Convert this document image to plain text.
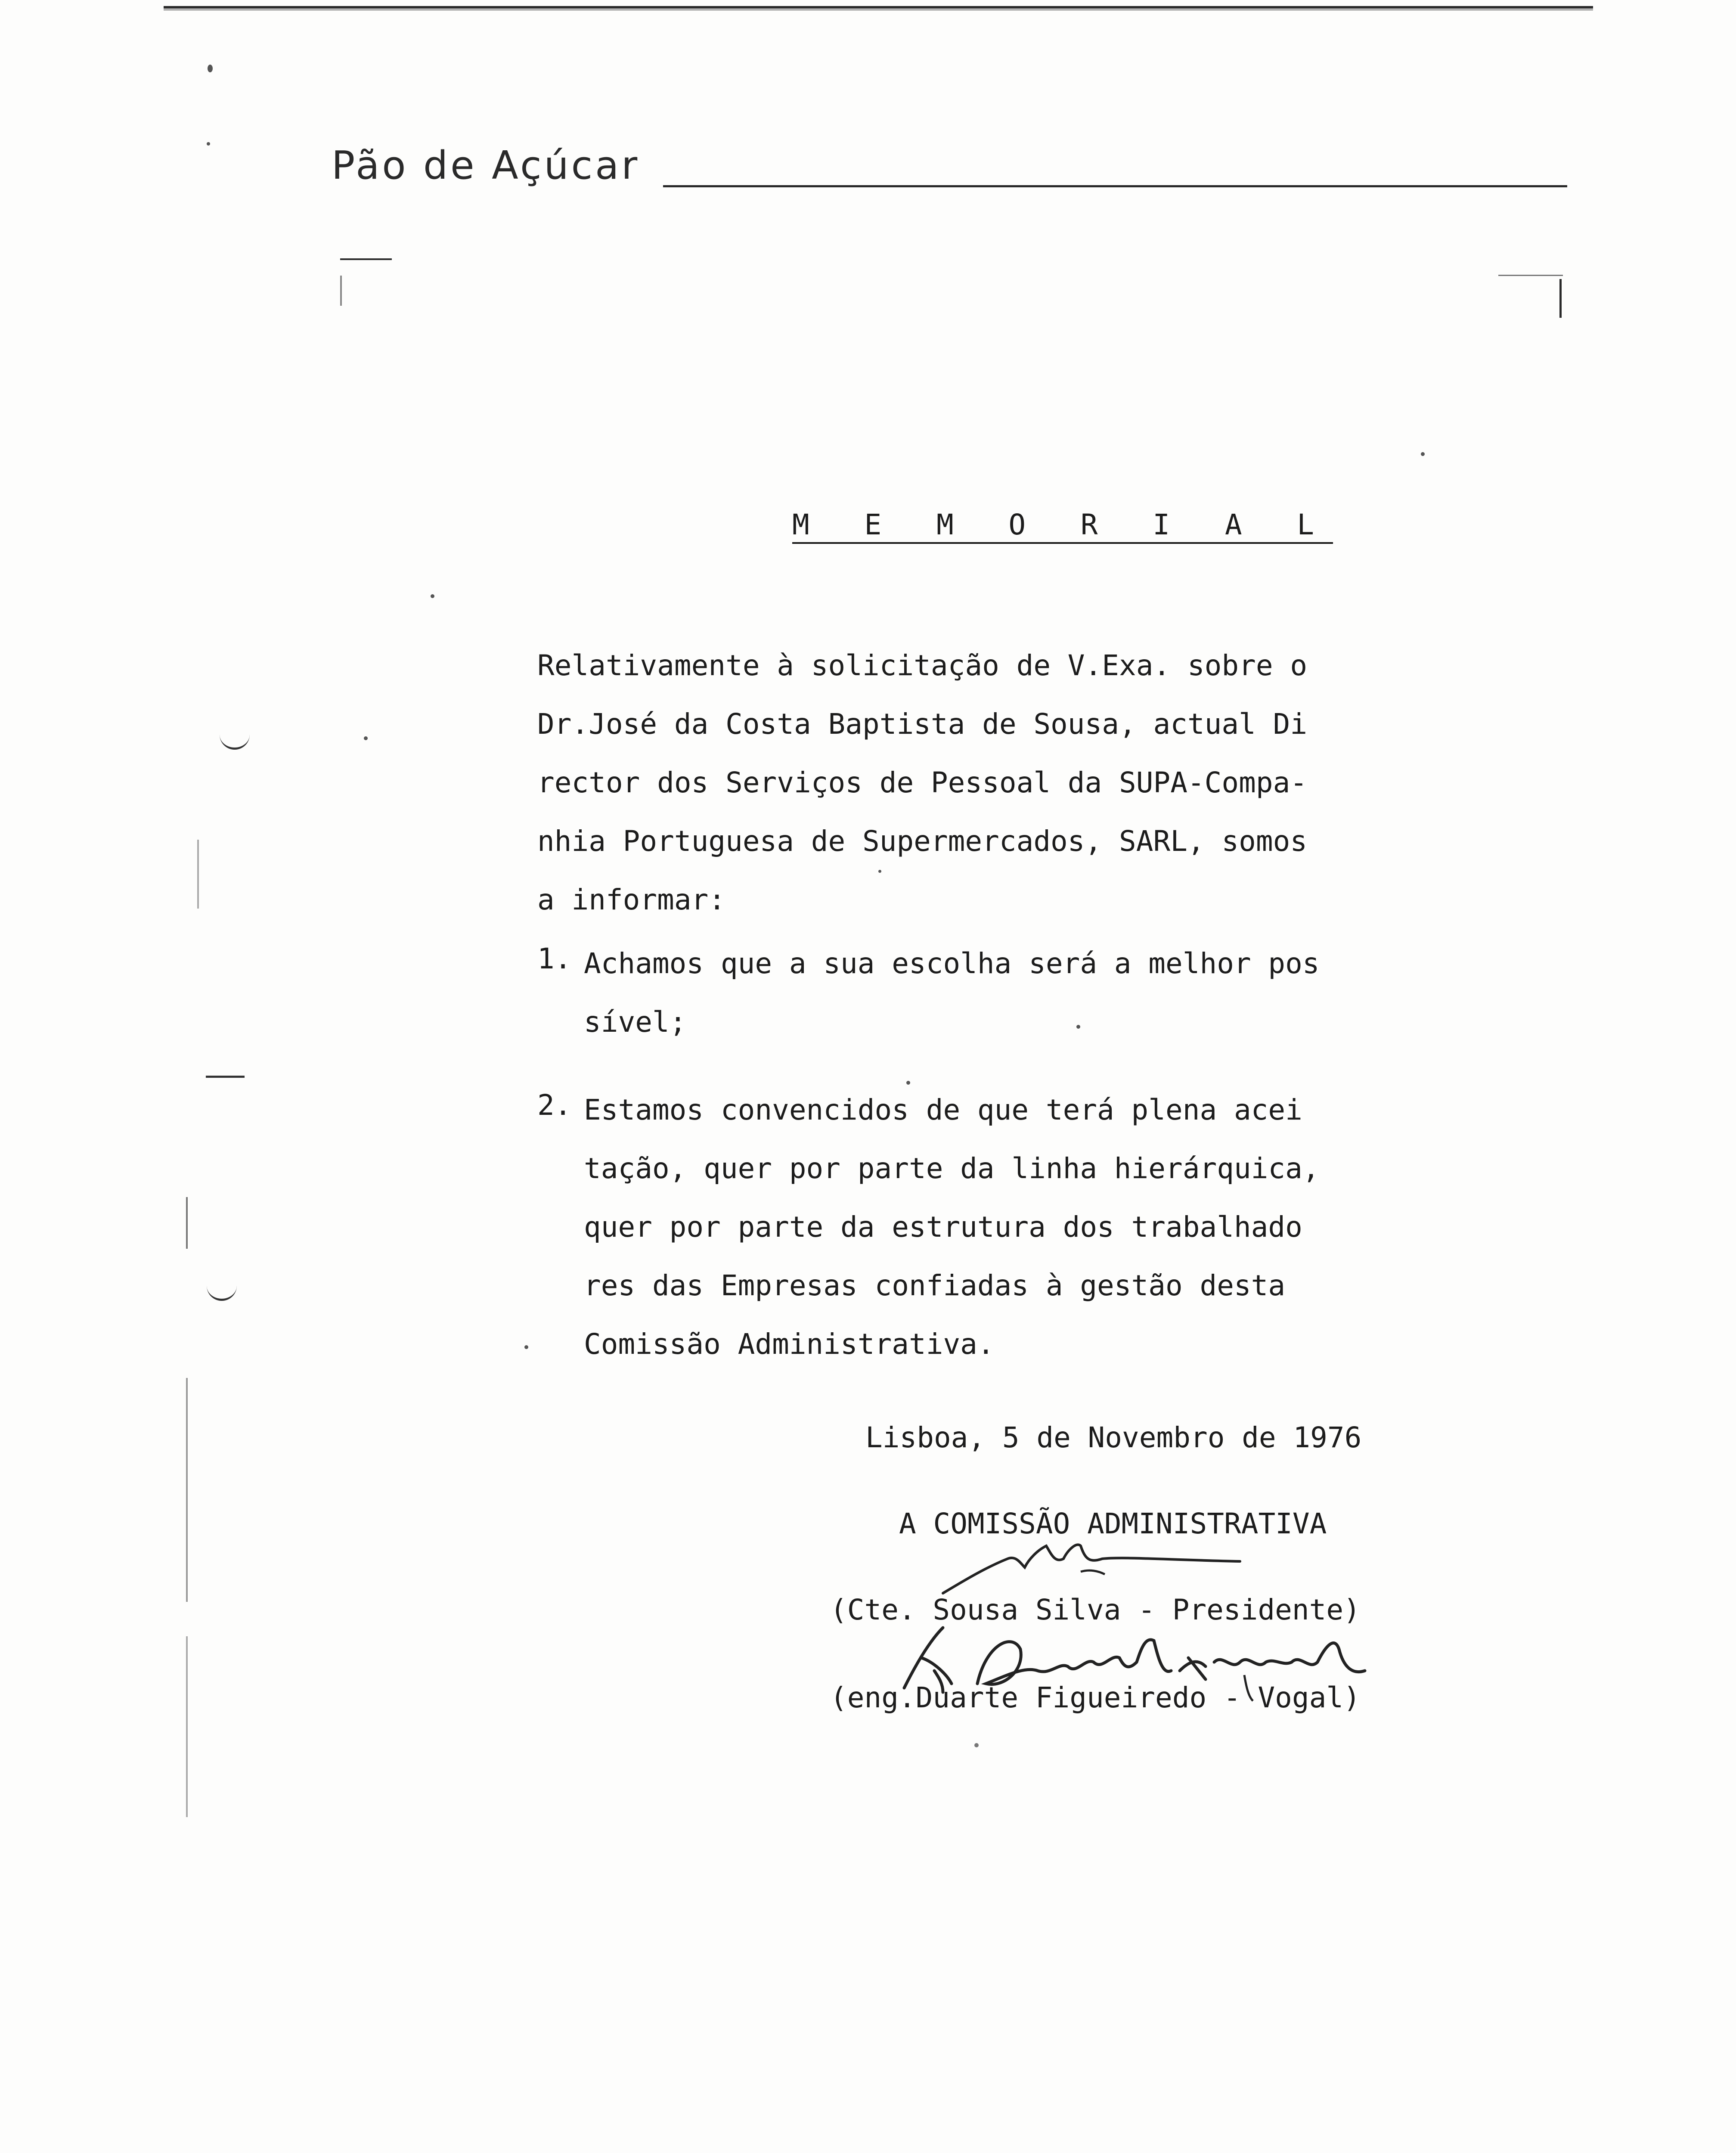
Pão de Açúcar
M E M O R I A L
Relativamente à solicitação de V.Exa. sobre o
Dr.José da Costa Baptista de Sousa, actual Di
rector dos Serviços de Pessoal da SUPA-Compa-
nhia Portuguesa de Supermercados, SARL, somos
a informar:
1. Achamos que a sua escolha será a melhor pos
sível;
2. Estamos convencidos de que terá plena acei
tação, quer por parte da linha hierárquica,
quer por parte da estrutura dos trabalhado
res das Empresas confiadas à gestão desta
Comissão Administrativa.
Lisboa, 5 de Novembro de 1976
A COMISSÃO ADMINISTRATIVA
(Cte. Sousa Silva - Presidente)
(eng.Duarte Figueiredo - Vogal)
